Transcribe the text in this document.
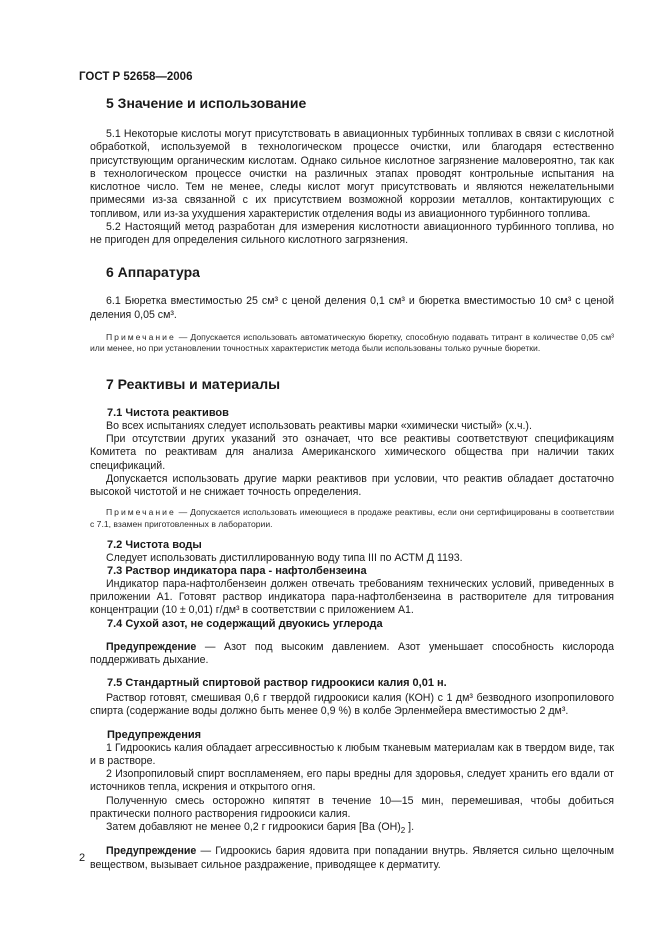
ГОСТ Р 52658—2006

5 Значение и использование

5.1 Некоторые кислоты могут присутствовать в авиационных турбинных топливах в связи с кислотной обработкой, используемой в технологическом процессе очистки, или благодаря естественно присутствующим органическим кислотам. Однако сильное кислотное загрязнение маловероятно, так как в технологическом процессе очистки на различных этапах проводят контрольные испытания на кислотное число. Тем не менее, следы кислот могут присутствовать и являются нежелательными примесями из-за связанной с их присутствием возможной коррозии металлов, контактирующих с топливом, или из-за ухудшения характеристик отделения воды из авиационного турбинного топлива.

5.2 Настоящий метод разработан для измерения кислотности авиационного турбинного топлива, но не пригоден для определения сильного кислотного загрязнения.

6 Аппаратура

6.1 Бюретка вместимостью 25 см³ с ценой деления 0,1 см³ и бюретка вместимостью 10 см³ с ценой деления 0,05 см³.

Примечание — Допускается использовать автоматическую бюретку, способную подавать титрант в количестве 0,05 см³ или менее, но при установлении точностных характеристик метода были использованы только ручные бюретки.

7 Реактивы и материалы

7.1 Чистота реактивов

Во всех испытаниях следует использовать реактивы марки «химически чистый» (х.ч.).

При отсутствии других указаний это означает, что все реактивы соответствуют спецификациям Комитета по реактивам для анализа Американского химического общества при наличии таких спецификаций.

Допускается использовать другие марки реактивов при условии, что реактив обладает достаточно высокой чистотой и не снижает точность определения.

Примечание — Допускается использовать имеющиеся в продаже реактивы, если они сертифицированы в соответствии с 7.1, взамен приготовленных в лаборатории.

7.2 Чистота воды

Следует использовать дистиллированную воду типа III по АСТМ Д 1193.

7.3 Раствор индикатора пара - нафтолбензеина

Индикатор пара-нафтолбензеин должен отвечать требованиям технических условий, приведенных в приложении А1. Готовят раствор индикатора пара-нафтолбензеина в растворителе для титрования концентрации (10 ± 0,01) г/дм³ в соответствии с приложением А1.

7.4 Сухой азот, не содержащий двуокись углерода

Предупреждение — Азот под высоким давлением. Азот уменьшает способность кислорода поддерживать дыхание.

7.5 Стандартный спиртовой раствор гидроокиси калия 0,01 н.

Раствор готовят, смешивая 0,6 г твердой гидроокиси калия (КОН) с 1 дм³ безводного изопропилового спирта (содержание воды должно быть менее 0,9 %) в колбе Эрленмейера вместимостью 2 дм³.

Предупреждения

1 Гидроокись калия обладает агрессивностью к любым тканевым материалам как в твердом виде, так и в растворе.

2 Изопропиловый спирт воспламеняем, его пары вредны для здоровья, следует хранить его вдали от источников тепла, искрения и открытого огня.

Полученную смесь осторожно кипятят в течение 10—15 мин, перемешивая, чтобы добиться практически полного растворения гидроокиси калия.

Затем добавляют не менее 0,2 г гидроокиси бария [Ba $(OH)_2$ ].

Предупреждение — Гидроокись бария ядовита при попадании внутрь. Является сильно щелочным веществом, вызывает сильное раздражение, приводящее к дерматиту.

2
